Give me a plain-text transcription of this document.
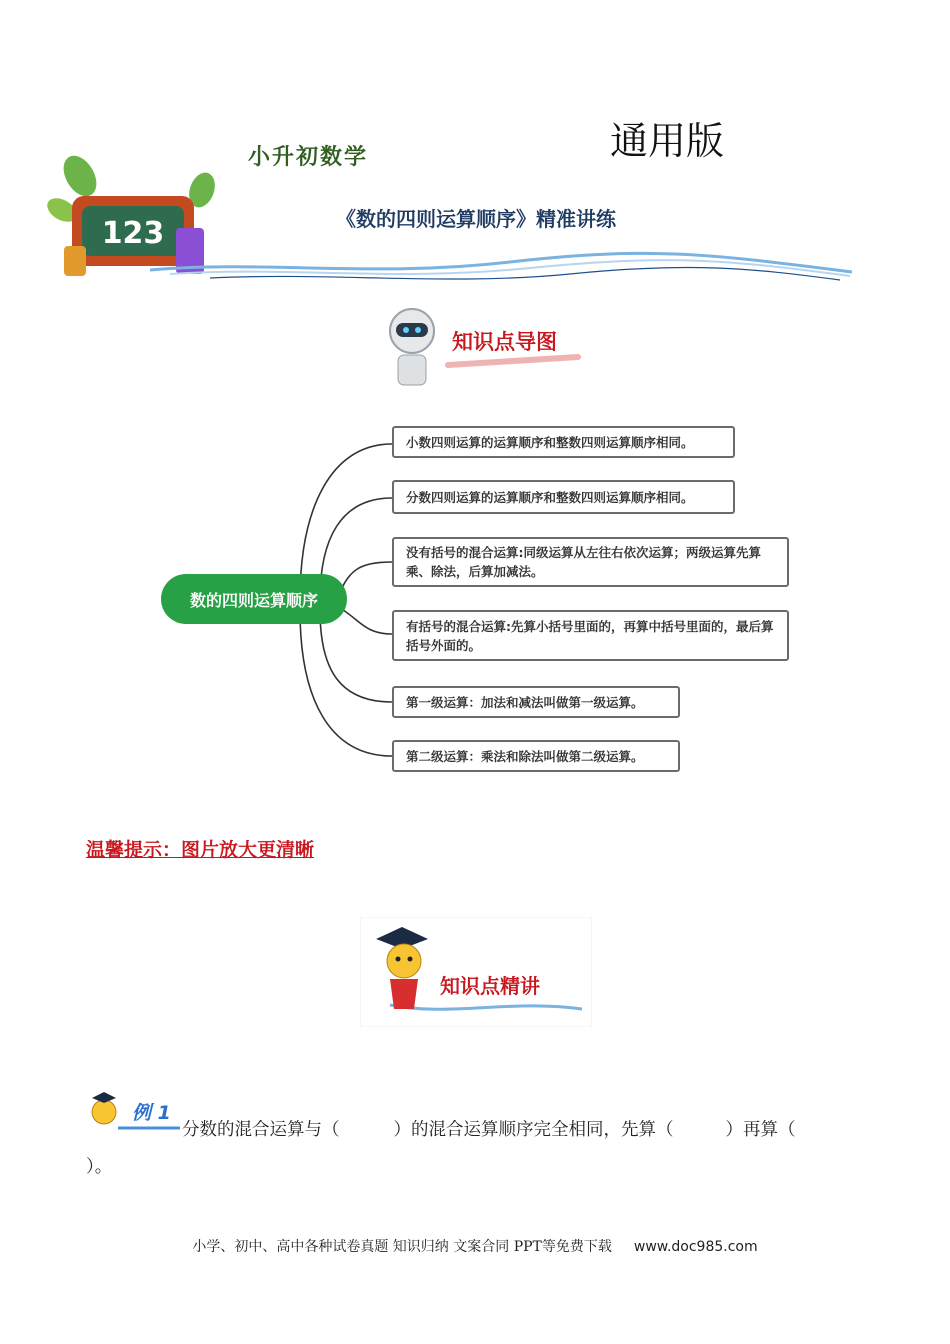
通用版
小升初数学
《数的四则运算顺序》精准讲练
123
知识点导图
数的四则运算顺序
小数四则运算的运算顺序和整数四则运算顺序相同。
分数四则运算的运算顺序和整数四则运算顺序相同。
没有括号的混合运算:同级运算从左往右依次运算；两级运算先算乘、除法，后算加减法。
有括号的混合运算:先算小括号里面的，再算中括号里面的，最后算括号外面的。
第一级运算：加法和减法叫做第一级运算。
第二级运算：乘法和除法叫做第二级运算。
温馨提示：图片放大更清晰
知识点精讲
例 1
分数的混合运算与（	）的混合运算顺序完全相同，先算（	）再算（
）。
小学、初中、高中各种试卷真题 知识归纳 文案合同 PPT等免费下载 www.doc985.com
